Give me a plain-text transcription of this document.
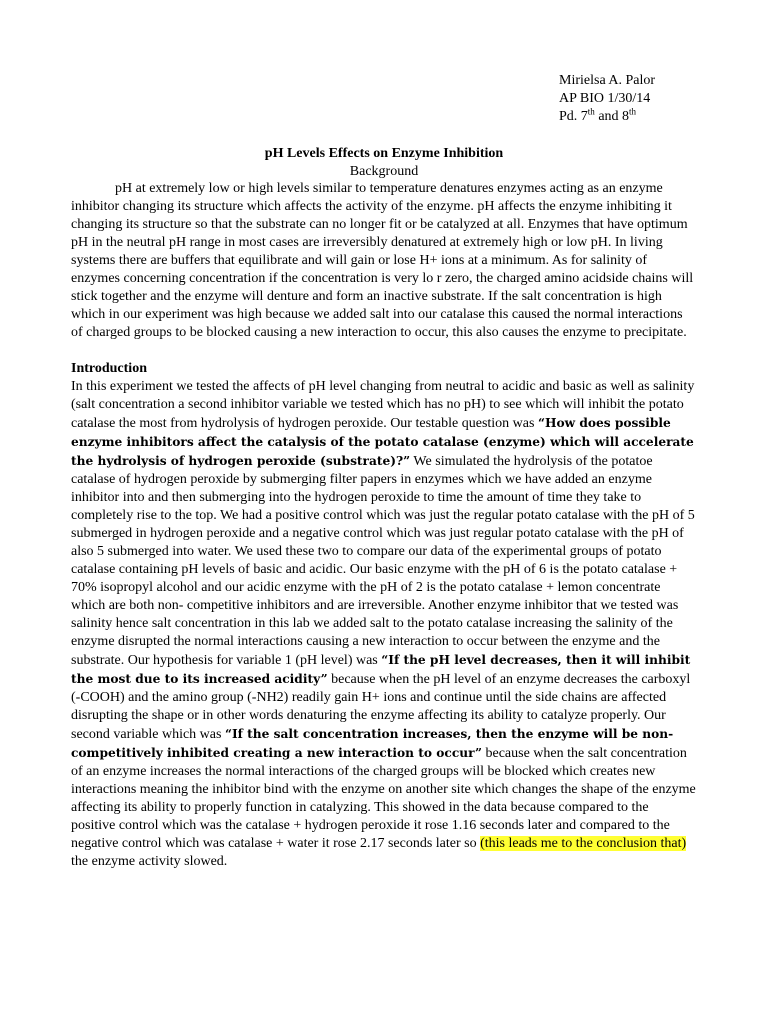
Mirielsa A. Palor
AP BIO 1/30/14
Pd. 7th and 8th
pH Levels Effects on Enzyme Inhibition
Background

pH at extremely low or high levels similar to temperature denatures enzymes acting as an enzyme inhibitor changing its structure which affects the activity of the enzyme. pH affects the enzyme inhibiting it changing its structure so that the substrate can no longer fit or be catalyzed at all. Enzymes that have optimum pH in the neutral pH range in most cases are irreversibly denatured at extremely high or low pH. In living systems there are buffers that equilibrate and will gain or lose H+ ions at a minimum. As for salinity of enzymes concerning concentration if the concentration is very lo r zero, the charged amino acidside chains will stick together and the enzyme will denture and form an inactive substrate. If the salt concentration is high which in our experiment was high because we added salt into our catalase this caused the normal interactions of charged groups to be blocked causing a new interaction to occur, this also causes the enzyme to precipitate.

Introduction

In this experiment we tested the affects of pH level changing from neutral to acidic and basic as well as salinity (salt concentration a second inhibitor variable we tested which has no pH) to see which will inhibit the potato catalase the most from hydrolysis of hydrogen peroxide. Our testable question was “How does possible enzyme inhibitors affect the catalysis of the potato catalase (enzyme) which will accelerate the hydrolysis of hydrogen peroxide (substrate)?” We simulated the hydrolysis of the potatoe catalase of hydrogen peroxide by submerging filter papers in enzymes which we have added an enzyme inhibitor into and then submerging into the hydrogen peroxide to time the amount of time they take to completely rise to the top. We had a positive control which was just the regular potato catalase with the pH of 5 submerged in hydrogen peroxide and a negative control which was just regular potato catalase with the pH of also 5 submerged into water. We used these two to compare our data of the experimental groups of potato catalase containing pH levels of basic and acidic. Our basic enzyme with the pH of 6 is the potato catalase + 70% isopropyl alcohol and our acidic enzyme with the pH of 2 is the potato catalase + lemon concentrate which are both non- competitive inhibitors and are irreversible. Another enzyme inhibitor that we tested was salinity hence salt concentration in this lab we added salt to the potato catalase increasing the salinity of the enzyme disrupted the normal interactions causing a new interaction to occur between the enzyme and the substrate. Our hypothesis for variable 1 (pH level) was “If the pH level decreases, then it will inhibit the most due to its increased acidity” because when the pH level of an enzyme decreases the carboxyl (-COOH) and the amino group (-NH2) readily gain H+ ions and continue until the side chains are affected disrupting the shape or in other words denaturing the enzyme affecting its ability to catalyze properly. Our second variable which was “If the salt concentration increases, then the enzyme will be non-competitively inhibited creating a new interaction to occur” because when the salt concentration of an enzyme increases the normal interactions of the charged groups will be blocked which creates new interactions meaning the inhibitor bind with the enzyme on another site which changes the shape of the enzyme affecting its ability to properly function in catalyzing. This showed in the data because compared to the positive control which was the catalase + hydrogen peroxide it rose 1.16 seconds later and compared to the negative control which was catalase + water it rose 2.17 seconds later so (this leads me to the conclusion that) the enzyme activity slowed.
